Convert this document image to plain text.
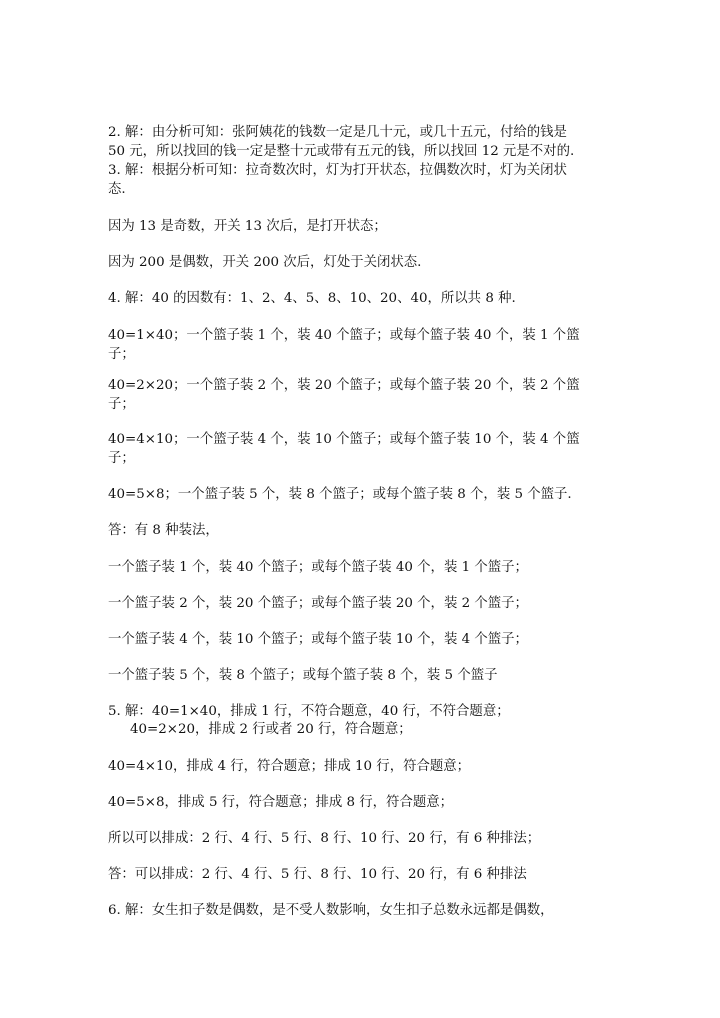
2. 解：由分析可知：张阿姨花的钱数一定是几十元，或几十五元，付给的钱是
50 元，所以找回的钱一定是整十元或带有五元的钱，所以找回 12 元是不对的.
3. 解：根据分析可知：拉奇数次时，灯为打开状态，拉偶数次时，灯为关闭状
态.
因为 13 是奇数，开关 13 次后，是打开状态；
因为 200 是偶数，开关 200 次后，灯处于关闭状态.
4. 解：40 的因数有：1、2、4、5、8、10、20、40，所以共 8 种.
40=1×40；一个篮子装 1 个，装 40 个篮子；或每个篮子装 40 个，装 1 个篮
子；
40=2×20；一个篮子装 2 个，装 20 个篮子；或每个篮子装 20 个，装 2 个篮
子；
40=4×10；一个篮子装 4 个，装 10 个篮子；或每个篮子装 10 个，装 4 个篮
子；
40=5×8；一个篮子装 5 个，装 8 个篮子；或每个篮子装 8 个，装 5 个篮子.
答：有 8 种装法，
一个篮子装 1 个，装 40 个篮子；或每个篮子装 40 个，装 1 个篮子；
一个篮子装 2 个，装 20 个篮子；或每个篮子装 20 个，装 2 个篮子；
一个篮子装 4 个，装 10 个篮子；或每个篮子装 10 个，装 4 个篮子；
一个篮子装 5 个，装 8 个篮子；或每个篮子装 8 个，装 5 个篮子
5. 解：40=1×40，排成 1 行，不符合题意，40 行，不符合题意；
40=2×20，排成 2 行或者 20 行，符合题意；
40=4×10，排成 4 行，符合题意；排成 10 行，符合题意；
40=5×8，排成 5 行，符合题意；排成 8 行，符合题意；
所以可以排成：2 行、4 行、5 行、8 行、10 行、20 行，有 6 种排法；
答：可以排成：2 行、4 行、5 行、8 行、10 行、20 行，有 6 种排法
6. 解：女生扣子数是偶数，是不受人数影响，女生扣子总数永远都是偶数，
